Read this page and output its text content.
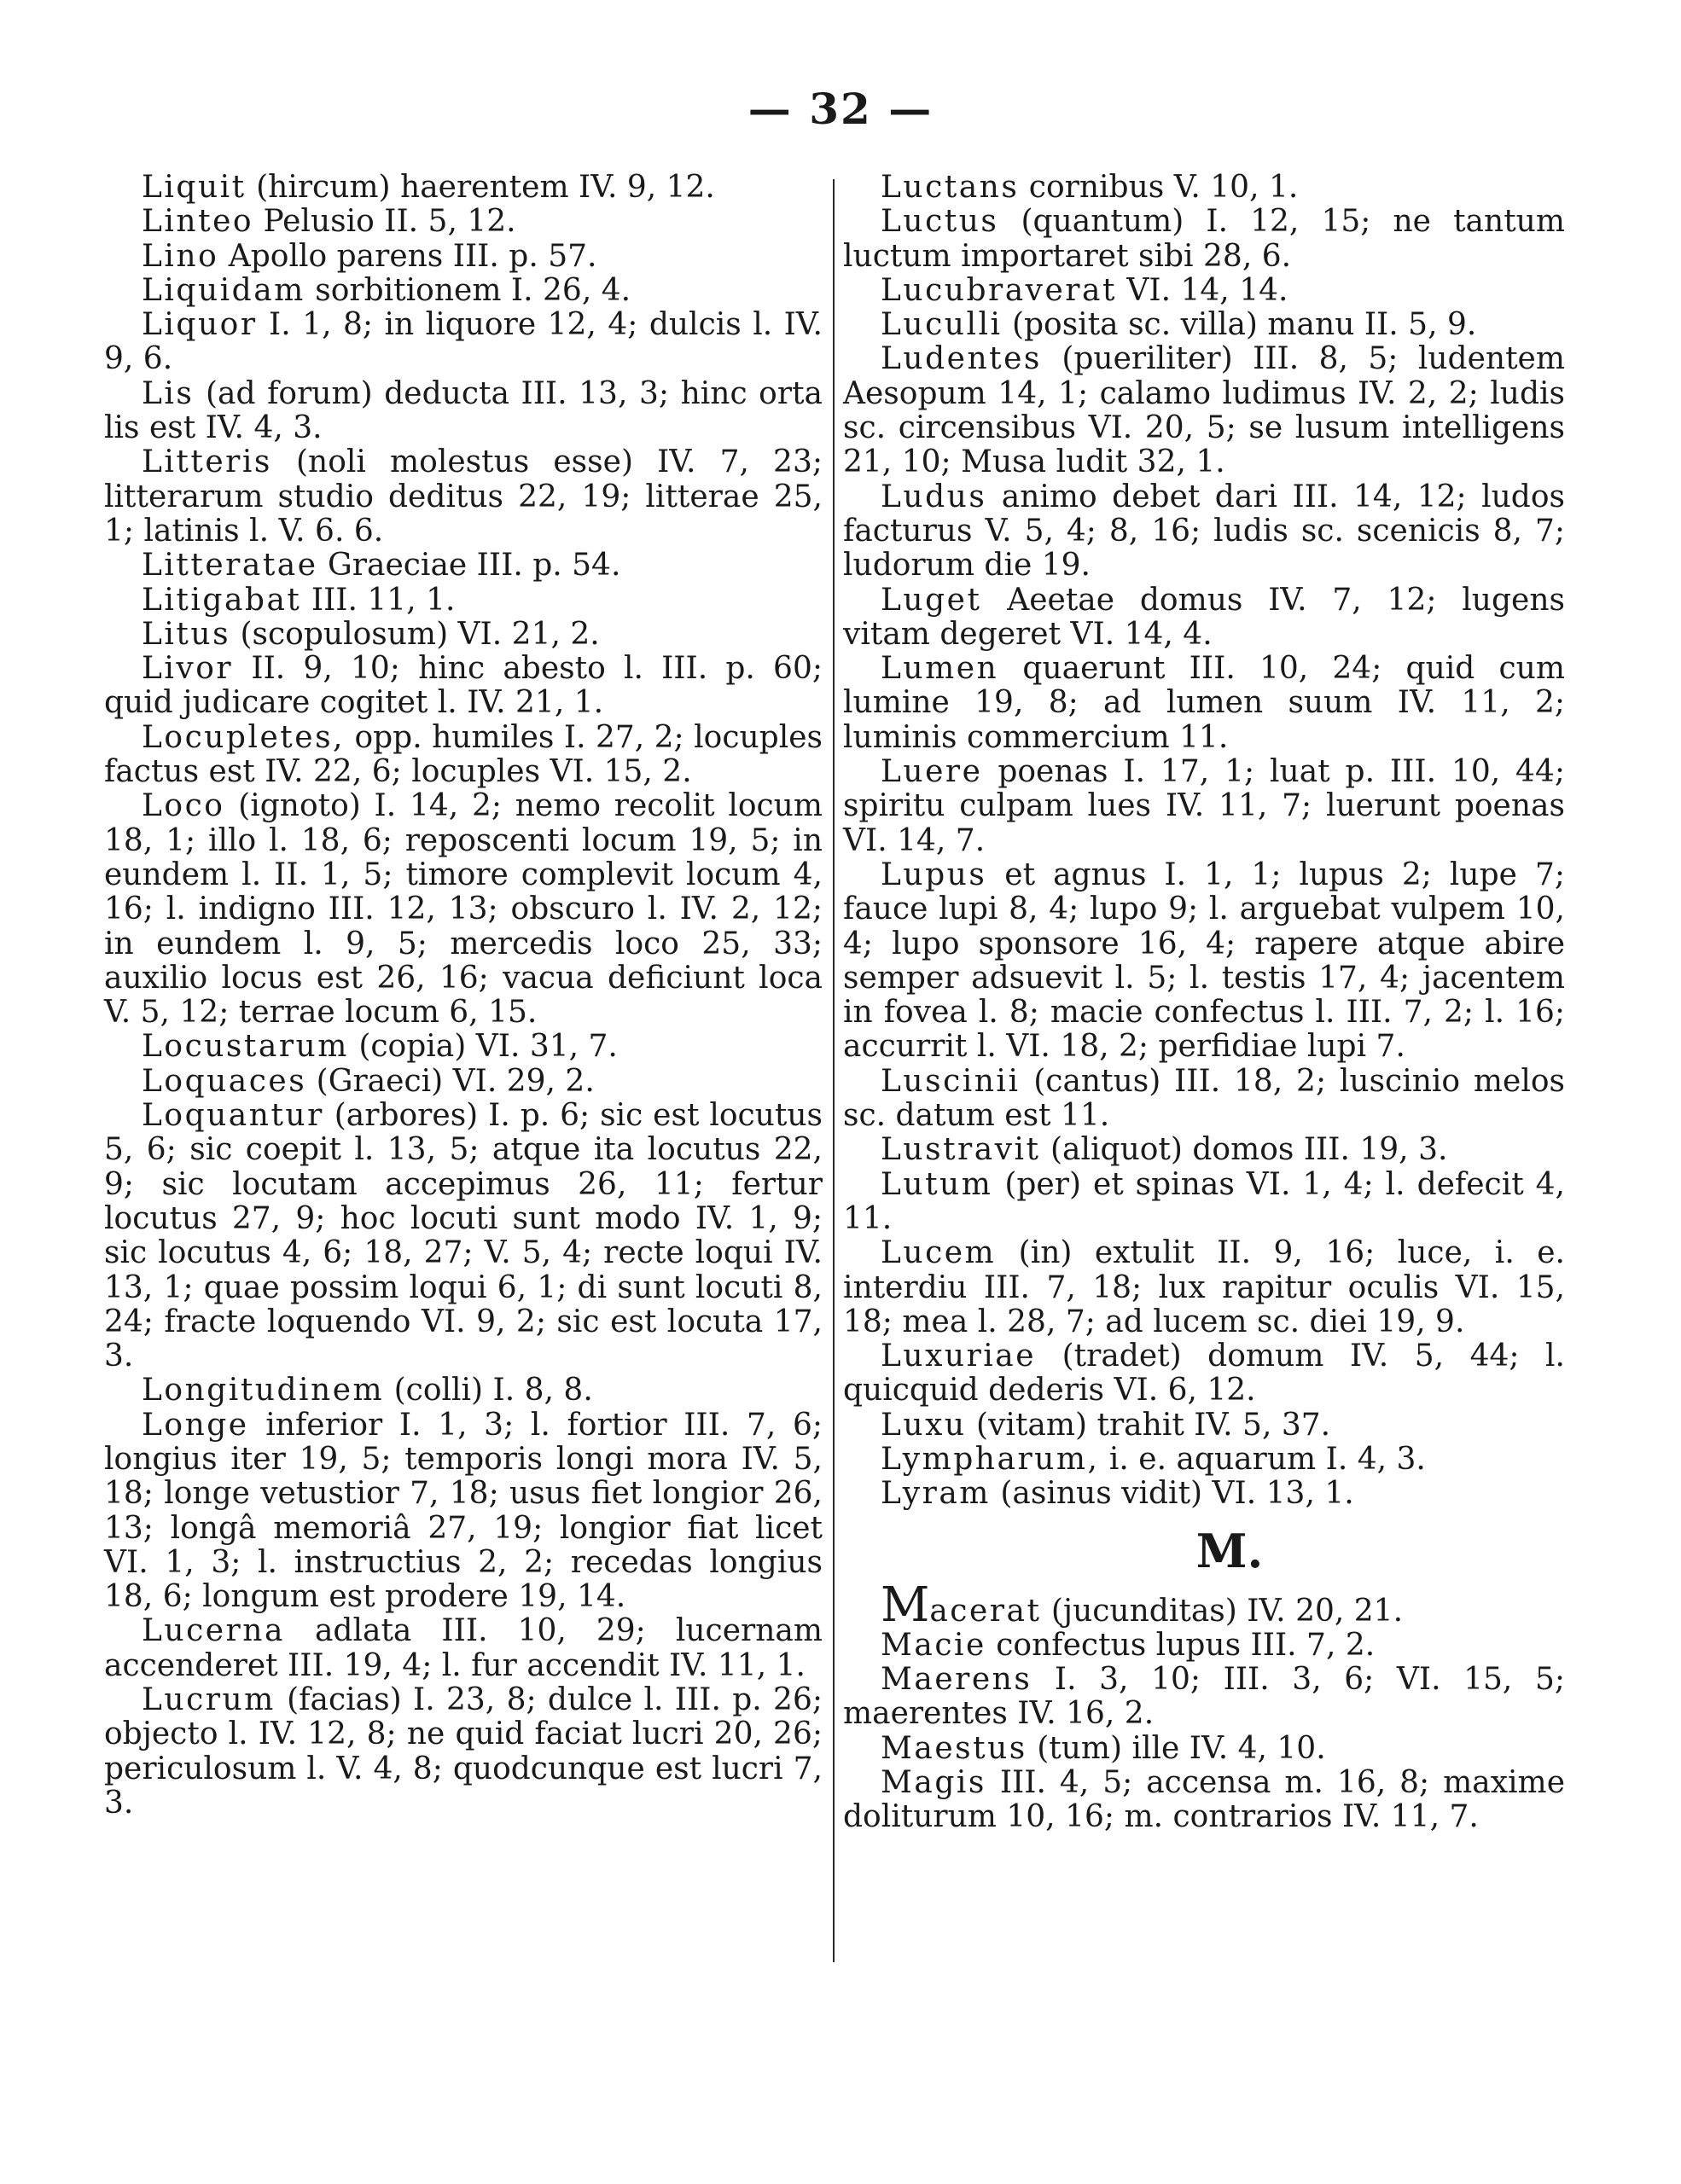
— 32 —

Liquit (hircum) haerentem IV. 9, 12.

Linteo Pelusio II. 5, 12.

Lino Apollo parens III. p. 57.

Liquidam sorbitionem I. 26, 4.

Liquor I. 1, 8; in liquore 12, 4; dulcis l. IV. 9, 6.

Lis (ad forum) deducta III. 13, 3; hinc orta lis est IV. 4, 3.

Litteris (noli molestus esse) IV. 7, 23; litterarum studio deditus 22, 19; litterae 25, 1; latinis l. V. 6. 6.

Litteratae Graeciae III. p. 54.

Litigabat III. 11, 1.

Litus (scopulosum) VI. 21, 2.

Livor II. 9, 10; hinc abesto l. III. p. 60; quid judicare cogitet l. IV. 21, 1.

Locupletes, opp. humiles I. 27, 2; locuples factus est IV. 22, 6; locuples VI. 15, 2.

Loco (ignoto) I. 14, 2; nemo recolit locum 18, 1; illo l. 18, 6; reposcenti locum 19, 5; in eundem l. II. 1, 5; timore complevit locum 4, 16; l. indigno III. 12, 13; obscuro l. IV. 2, 12; in eundem l. 9, 5; mercedis loco 25, 33; auxilio locus est 26, 16; vacua deficiunt loca V. 5, 12; terrae locum 6, 15.

Locustarum (copia) VI. 31, 7.

Loquaces (Graeci) VI. 29, 2.

Loquantur (arbores) I. p. 6; sic est locutus 5, 6; sic coepit l. 13, 5; atque ita locutus 22, 9; sic locutam accepimus 26, 11; fertur locutus 27, 9; hoc locuti sunt modo IV. 1, 9; sic locutus 4, 6; 18, 27; V. 5, 4; recte loqui IV. 13, 1; quae possim loqui 6, 1; di sunt locuti 8, 24; fracte loquendo VI. 9, 2; sic est locuta 17, 3.

Longitudinem (colli) I. 8, 8.

Longe inferior I. 1, 3; l. fortior III. 7, 6; longius iter 19, 5; temporis longi mora IV. 5, 18; longe vetustior 7, 18; usus fiet longior 26, 13; longâ memoriâ 27, 19; longior fiat licet VI. 1, 3; l. instructius 2, 2; recedas longius 18, 6; longum est prodere 19, 14.

Lucerna adlata III. 10, 29; lucernam accenderet III. 19, 4; l. fur accendit IV. 11, 1.

Lucrum (facias) I. 23, 8; dulce l. III. p. 26; objecto l. IV. 12, 8; ne quid faciat lucri 20, 26; periculosum l. V. 4, 8; quodcunque est lucri 7, 3.

Luctans cornibus V. 10, 1.

Luctus (quantum) I. 12, 15; ne tantum luctum importaret sibi 28, 6.

Lucubraverat VI. 14, 14.

Luculli (posita sc. villa) manu II. 5, 9.

Ludentes (pueriliter) III. 8, 5; ludentem Aesopum 14, 1; calamo ludimus IV. 2, 2; ludis sc. circensibus VI. 20, 5; se lusum intelligens 21, 10; Musa ludit 32, 1.

Ludus animo debet dari III. 14, 12; ludos facturus V. 5, 4; 8, 16; ludis sc. scenicis 8, 7; ludorum die 19.

Luget Aeetae domus IV. 7, 12; lugens vitam degeret VI. 14, 4.

Lumen quaerunt III. 10, 24; quid cum lumine 19, 8; ad lumen suum IV. 11, 2; luminis commercium 11.

Luere poenas I. 17, 1; luat p. III. 10, 44; spiritu culpam lues IV. 11, 7; luerunt poenas VI. 14, 7.

Lupus et agnus I. 1, 1; lupus 2; lupe 7; fauce lupi 8, 4; lupo 9; l. arguebat vulpem 10, 4; lupo sponsore 16, 4; rapere atque abire semper adsuevit l. 5; l. testis 17, 4; jacentem in fovea l. 8; macie confectus l. III. 7, 2; l. 16; accurrit l. VI. 18, 2; perfidiae lupi 7.

Luscinii (cantus) III. 18, 2; luscinio melos sc. datum est 11.

Lustravit (aliquot) domos III. 19, 3.

Lutum (per) et spinas VI. 1, 4; l. defecit 4, 11.

Lucem (in) extulit II. 9, 16; luce, i. e. interdiu III. 7, 18; lux rapitur oculis VI. 15, 18; mea l. 28, 7; ad lucem sc. diei 19, 9.

Luxuriae (tradet) domum IV. 5, 44; l. quicquid dederis VI. 6, 12.

Luxu (vitam) trahit IV. 5, 37.

Lympharum, i. e. aquarum I. 4, 3.

Lyram (asinus vidit) VI. 13, 1.

M.

Macerat (jucunditas) IV. 20, 21.

Macie confectus lupus III. 7, 2.

Maerens I. 3, 10; III. 3, 6; VI. 15, 5; maerentes IV. 16, 2.

Maestus (tum) ille IV. 4, 10.

Magis III. 4, 5; accensa m. 16, 8; maxime doliturum 10, 16; m. contrarios IV. 11, 7.
